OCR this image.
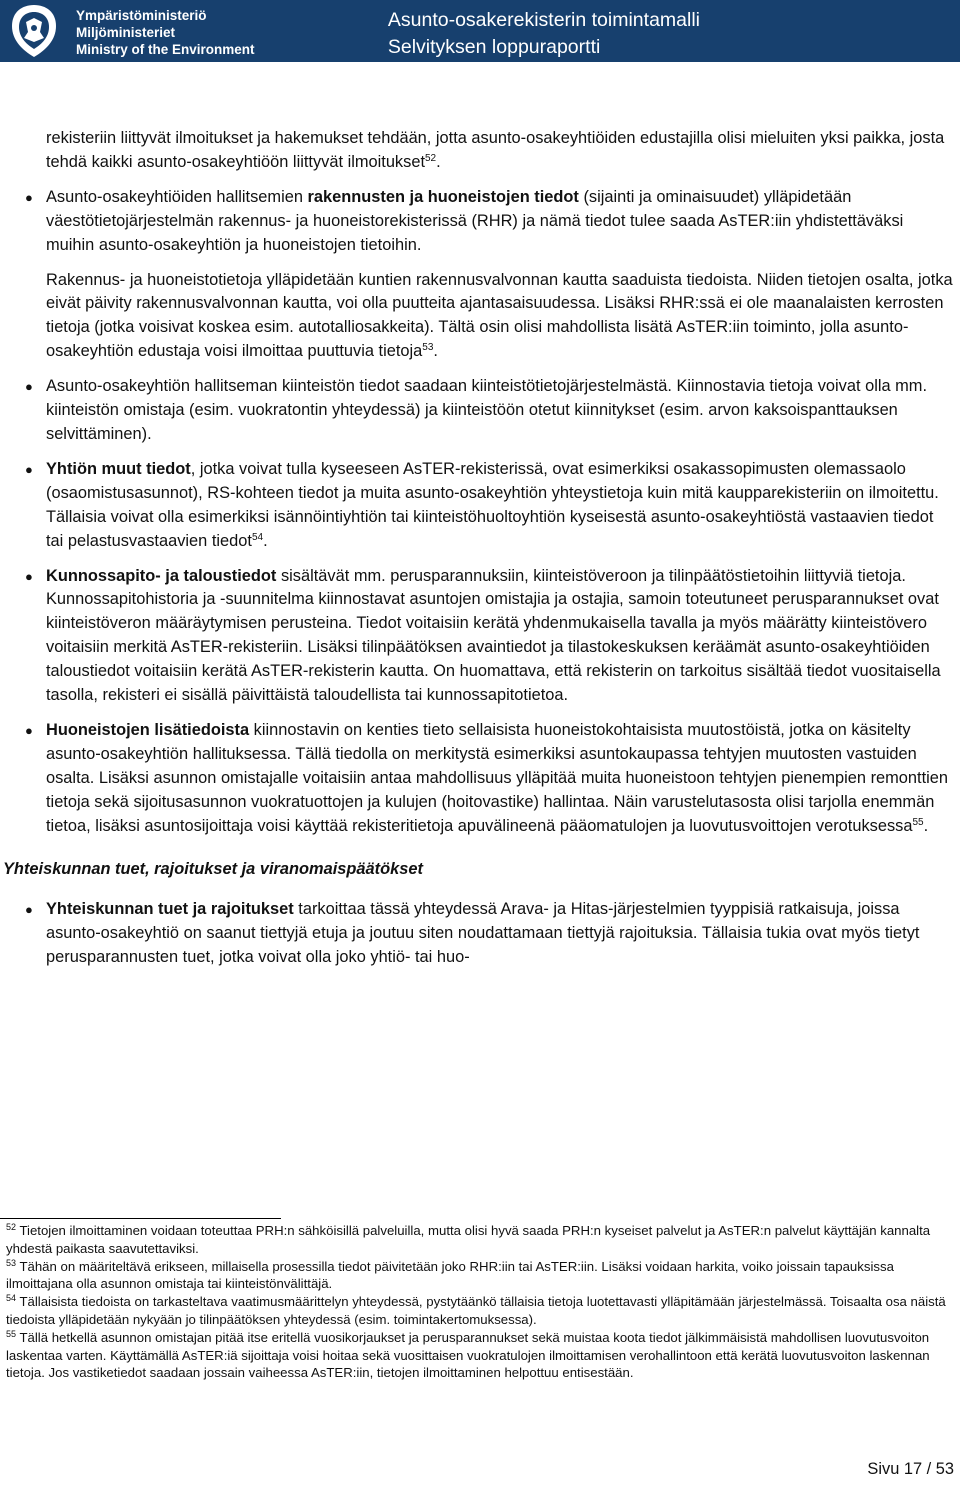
Ympäristöministeriö
Miljöministeriet
Ministry of the Environment
Asunto-osakerekisterin toimintamalli
Selvityksen loppuraportti

rekisteriin liittyvät ilmoitukset ja hakemukset tehdään, jotta asunto-osakeyhtiöiden edustajilla olisi mieluiten yksi paikka, josta tehdä kaikki asunto-osakeyhtiöön liittyvät ilmoitukset$^{52}$.

● Asunto-osakeyhtiöiden hallitsemien rakennusten ja huoneistojen tiedot (sijainti ja ominaisuudet) ylläpidetään väestötietojärjestelmän rakennus- ja huoneistorekisterissä (RHR) ja nämä tiedot tulee saada AsTER:iin yhdistettäväksi muihin asunto-osakeyhtiön ja huoneistojen tietoihin.

Rakennus- ja huoneistotietoja ylläpidetään kuntien rakennusvalvonnan kautta saaduista tiedoista. Niiden tietojen osalta, jotka eivät päivity rakennusvalvonnan kautta, voi olla puutteita ajantasaisuudessa. Lisäksi RHR:ssä ei ole maanalaisten kerrosten tietoja (jotka voisivat koskea esim. autotalliosakkeita). Tältä osin olisi mahdollista lisätä AsTER:iin toiminto, jolla asunto-osakeyhtiön edustaja voisi ilmoittaa puuttuvia tietoja$^{53}$.

● Asunto-osakeyhtiön hallitseman kiinteistön tiedot saadaan kiinteistötietojärjestelmästä. Kiinnostavia tietoja voivat olla mm. kiinteistön omistaja (esim. vuokratontin yhteydessä) ja kiinteistöön otetut kiinnitykset (esim. arvon kaksoispanttauksen selvittäminen).

● Yhtiön muut tiedot, jotka voivat tulla kyseeseen AsTER-rekisterissä, ovat esimerkiksi osakassopimusten olemassaolo (osaomistusasunnot), RS-kohteen tiedot ja muita asunto-osakeyhtiön yhteystietoja kuin mitä kaupparekisteriin on ilmoitettu. Tällaisia voivat olla esimerkiksi isännöintiyhtiön tai kiinteistöhuoltoyhtiön kyseisestä asunto-osakeyhtiöstä vastaavien tiedot tai pelastusvastaavien tiedot$^{54}$.

● Kunnossapito- ja taloustiedot sisältävät mm. perusparannuksiin, kiinteistöveroon ja tilinpäätöstietoihin liittyviä tietoja. Kunnossapitohistoria ja -suunnitelma kiinnostavat asuntojen omistajia ja ostajia, samoin toteutuneet perusparannukset ovat kiinteistöveron määräytymisen perusteina. Tiedot voitaisiin kerätä yhdenmukaisella tavalla ja myös määrätty kiinteistövero voitaisiin merkitä AsTER-rekisteriin. Lisäksi tilinpäätöksen avaintiedot ja tilastokeskuksen keräämät asunto-osakeyhtiöiden taloustiedot voitaisiin kerätä AsTER-rekisterin kautta. On huomattava, että rekisterin on tarkoitus sisältää tiedot vuositaisella tasolla, rekisteri ei sisällä päivittäistä taloudellista tai kunnossapitotietoa.

● Huoneistojen lisätiedoista kiinnostavin on kenties tieto sellaisista huoneistokohtaisista muutostöistä, jotka on käsitelty asunto-osakeyhtiön hallituksessa. Tällä tiedolla on merkitystä esimerkiksi asuntokaupassa tehtyjen muutosten vastuiden osalta. Lisäksi asunnon omistajalle voitaisiin antaa mahdollisuus ylläpitää muita huoneistoon tehtyjen pienempien remonttien tietoja sekä sijoitusasunnon vuokratuottojen ja kulujen (hoitovastike) hallintaa. Näin varustelutasosta olisi tarjolla enemmän tietoa, lisäksi asuntosijoittaja voisi käyttää rekisteritietoja apuvälineenä pääomatulojen ja luovutusvoittojen verotuksessa$^{55}$.

Yhteiskunnan tuet, rajoitukset ja viranomaispäätökset

● Yhteiskunnan tuet ja rajoitukset tarkoittaa tässä yhteydessä Arava- ja Hitas-järjestelmien tyyppisiä ratkaisuja, joissa asunto-osakeyhtiö on saanut tiettyjä etuja ja joutuu siten noudattamaan tiettyjä rajoituksia. Tällaisia tukia ovat myös tietyt perusparannusten tuet, jotka voivat olla joko yhtiö- tai huo-

$^{52}$ Tietojen ilmoittaminen voidaan toteuttaa PRH:n sähköisillä palveluilla, mutta olisi hyvä saada PRH:n kyseiset palvelut ja AsTER:n palvelut käyttäjän kannalta yhdestä paikasta saavutettaviksi.

$^{53}$ Tähän on määriteltävä erikseen, millaisella prosessilla tiedot päivitetään joko RHR:iin tai AsTER:iin. Lisäksi voidaan harkita, voiko joissain tapauksissa ilmoittajana olla asunnon omistaja tai kiinteistönvälittäjä.

$^{54}$ Tällaisista tiedoista on tarkasteltava vaatimusmäärittelyn yhteydessä, pystytäänkö tällaisia tietoja luotettavasti ylläpitämään järjestelmässä. Toisaalta osa näistä tiedoista ylläpidetään nykyään jo tilinpäätöksen yhteydessä (esim. toimintakertomuksessa).

$^{55}$ Tällä hetkellä asunnon omistajan pitää itse eritellä vuosikorjaukset ja perusparannukset sekä muistaa koota tiedot jälkimmäisistä mahdollisen luovutusvoiton laskentaa varten. Käyttämällä AsTER:iä sijoittaja voisi hoitaa sekä vuosittaisen vuokratulojen ilmoittamisen verohallintoon että kerätä luovutusvoiton laskennan tietoja. Jos vastiketiedot saadaan jossain vaiheessa AsTER:iin, tietojen ilmoittaminen helpottuu entisestään.

Sivu 17 / 53
